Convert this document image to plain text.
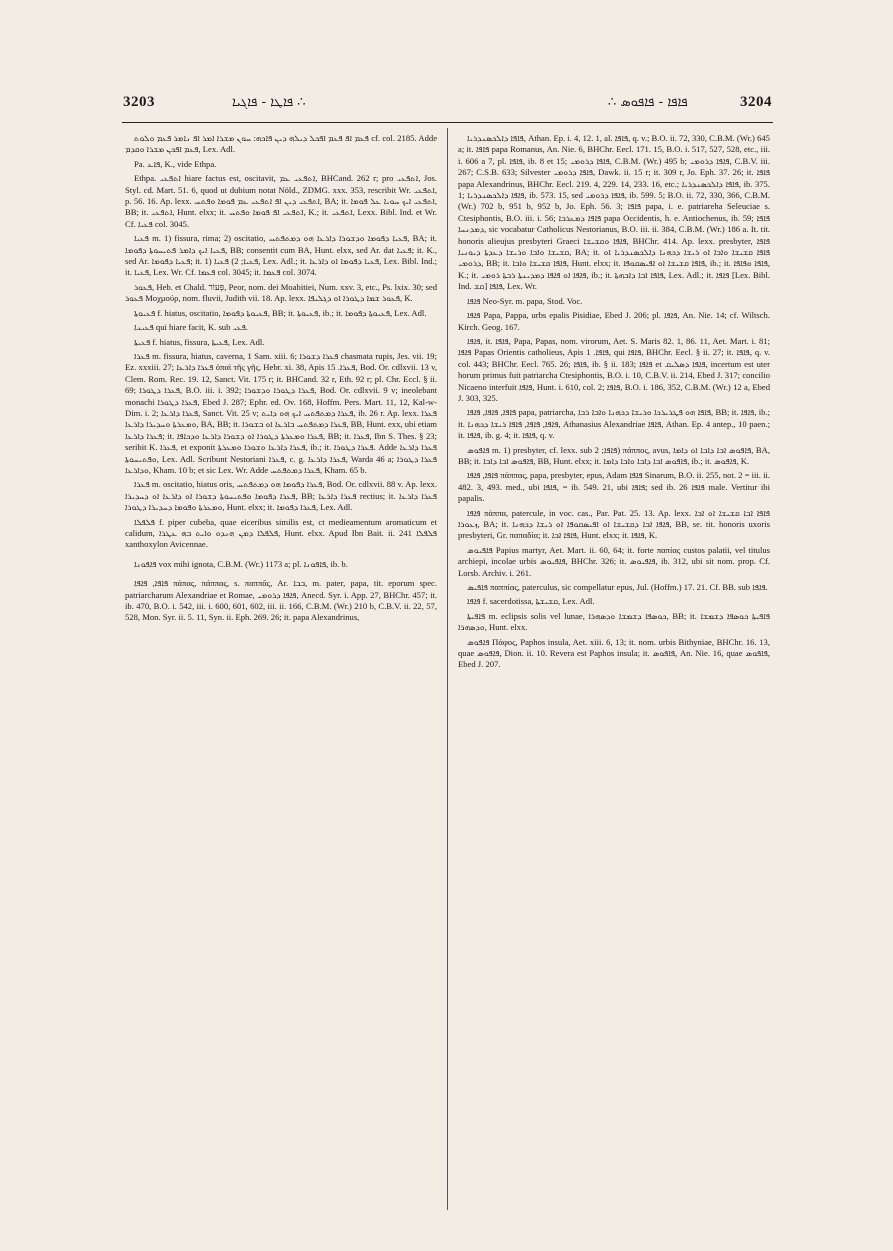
3203	ܦܐܛܐ - ܦܐܓܝܐ ∴	∴ ܦܐܦܐ - ܦܐܦܘܣ	3204

ܦܥܡ ܐܦ ܦܥܡ ܐܦܟܠ ܕܝܠܗ ܕܝܢ ܦܐܟܗ: ܚܘܢ ܡܫܪܐ ܐܡܪ ܐܦ ܢܐܡܪ ܦܥܡ ܘܠܘܬ cf. col. 2185. Adde ܦܥܡ ܐܦܟܢ ܡܫܪܐ ܘܩܕܡ, Lex. Adl.

Pa. ܦܐܥ, K., vide Ethpa.

Ethpa. ܐܬܦܥܝ hiare factus est, oscitavit, ܐܬܦܥܝ ܥܡ, BHCand. 262 r; pro ܐܬܦܥܝ, Jos. Styl. cd. Mart. 51. 6, quod ut dubium notat Nöld., ZDMG. xxx. 353, rescribit Wr. ܐܬܦܥܝ, p. 56. 16. Ap. lexx. ܐܬܦܥܝ ܕܝܢ ܐܦ ܐܬܦܥܝ ܥܡ ܦܘܡܐ ܘܦܬܚ, BA; it. ܐܬܦܥܝ ܐܝܟ ܚܘܝܐ ܥܠ ܦܘܡܐ, BB; it. ܐܬܦܥܝ, Hunt. elxx; it. ܐܬܦܥܝ ܐܦ ܦܘܡܐ ܘܦܬܚ, K.; it. ܐܬܦܥܝ, Lexx. Bibl. Ind. et Wr. Cf. ܦܥܝܐ col. 3045.

ܦܥܝܐ m. 1) fissura, rima; 2) oscitatio, ܦܥܝܐ ܕܦܘܡܐ ܘܕܫܘܪܐ ܕܐܪܥܐ ܗܘ ܕܡܬܦܬܚ, BA; it. ܦܥܝܐ ܐܝܟ ܕܐܡܪ ܦܬܝܚܘܬܐ ܕܦܘܡܐ, BB; consentit cum BA, Hunt. elxx, sed Ar. dat ܦܥܝܐ; it. K., sed Ar. ܦܥܝܐ ܕܦܘܡܐ; it. 1) ܦܥܝܐ; 2) ܦܥܝܐ, Lex. Adl.; it. ܦܥܝܐ ܕܦܘܡܐ ܐܘ ܕܐܪܥܐ, Lex. Bibl. Ind.; it. ܦܥܝܐ, Lex. Wr. Cf. ܦܥܡܐ col. 3045; it. ܦܥܡܐ col. 3074.

ܦܥܘܪ, Heb. et Chald. פְּעוֹר, Peor, nom. dei Moabitiei, Num. xxv. 3, etc., Ps. lxix. 30; sed ܦܥܘܪ Μοχμούρ, nom. fluvii, Judith vii. 18. Ap. lexx. ܦܥܘܪ ܫܡܐ ܕܛܘܪܐ ܐܘ ܕܓܠܝܦܐ, K.

ܦܥܝܘܬܐ f. hiatus, oscitatio, ܦܥܝܘܬܐ ܕܦܘܡܐ, BB; it. ܦܥܝܘܬܐ, ib.; it. ܦܥܝܘܬܐ ܕܦܘܡܐ, Lex. Adl.

ܦܥܝܢܐ qui hiare facit, K. sub ܦܥܝ.

ܦܥܝܬܐ f. hiatus, fissura, ܦܥܝܬܐ, Lex. Adl.

ܦܥܪܐ m. fissura, hiatus, caverna, 1 Sam. xiii. 6; ܦܥܪܐ ܕܫܘܪܐ chasmata rupis, Jes. vii. 19; Ez. xxxiii. 27; ܦܥܪܐ ܕܐܪܥܐ ὀπαὶ τῆς γῆς, Hebr. xi. 38, Apis ܦܥܪܐ. 15, Bod. Or. cdlxvii. 13 v, Clem. Rom. Rec. 19. 12, Sanct. Vit. 175 r; it. BHCand. 32 r, Eth. 92 r; pl. Chr. Eccl. § ii. 69; ܦܥܪܐ ܕܛܘܪܐ, B.O. iii. i. 392; ܦܥܪܐ ܕܛܘܪܐ ܘܕܫܘܪܐ, Bod. Or. cdlxvii. 9 v; ineolebant monachi ܦܥܪܐ ܕܛܘܪܐ, Ebed J. 287; Ephr. ed. Ov. 168, Hoffm. Pers. Mart. 11, 12, Kal-w-Dim. i. 2; ܦܥܪܐ ܕܐܪܥܐ, Sanct. Vit. 25 v; ܦܥܪܐ ܕܡܬܦܬܚ ܐܝܟ ܗܘ ܕܐܝܬ, ib. 26 r. Ap. lexx. ܦܥܪܐ ܘܡܥܪܬܐ ܘܚܕܝܪܐ ܕܐܪܥܐ, BA, BB; it. ܦܥܪܐ ܕܡܬܦܬܚ ܒܐܪܥܐ ܐܘ ܒܫܘܪܐ, BB, Hunt. exx, ubi etiam ܦܥܪܐ ܕܐܪܥܐ; it. ܦܥܪܐ ܘܡܥܪܬܐ ܕܛܘܪܐ ܐܘ ܕܫܘܪܐ ܕܐܪܥܐ ܘܕܟܐܦܐ, BB; it. ܦܥܪܐ, Ibn S. Thes. § 23; seribit K. ܦܥܪܐ, et exponit ܦܥܪܐ ܕܐܪܥܐ ܘܫܘܪܐ ܘܡܥܪܬܐ, ib.; it. ܦܥܪܐ ܕܛܘܪܐ. Adde ܦܥܪܐ ܕܐܪܥܐ ܘܦܬܝܚܘܬܐ, Lex. Adl. Scribunt Nestoriani ܦܥܪܐ, c. g. ܦܥܪܐ ܕܐܪܥܐ, Warda 46 a; ܦܥܪܐ ܕܛܘܪܐ ܘܕܐܪܥܐ, Kham. 10 b; et sic Lex. Wr. Adde ܦܥܪܐ ܕܡܬܦܬܚ, Kham. 65 b.

ܦܥܪܐ m. oscitatio, hiatus oris, ܦܥܪܐ ܕܦܘܡܐ ܗܘ ܕܡܬܦܬܚ, Bod. Or. cdlxvii. 88 v. Ap. lexx. ܦܥܪܐ ܕܦܘܡܐ ܘܦܬܝܚܘܬܐ ܕܫܘܪܐ ܐܘ ܕܐܪܥܐ ܐܘ ܕܚܕܝܪܐ, BB; ܦܥܪܐ ܕܐܪܥܐ rectius; it. ܦܥܪܐ ܕܐܪܥܐ ܘܡܥܪܬܐ ܘܦܘܡܐ ܕܚܕܝܪܐ ܕܛܘܪܐ, Hunt. elxx; it. ܦܥܪܐ ܕܦܘܡܐ, Lex. Adl.

ܦܠܦܠܐ f. piper cubeba, quae eiceribus similis est, ct medieamentum aromaticum et calidum, ܦܠܦܠܐ ܕܡܢ ܗܢܕܘ ܘܐܝܬ ܒܗ ܥܛܪܐ, Hunt. elxx. Apud Ibn Bait. ii. 241 ܦܠܦܠܐ xanthoxylon Avicennae.

ܦܐܦܘܢܐ vox mihi ignota, C.B.M. (Wr.) 1173 a; pl. ܦܐܦܘܢܐ, ib. b.

ܦܐܦܐ, ܦܐܦܐ πάπας, πάππας, s. παππᾶς, Ar. ܒܒܐ, m. pater, papa, tit. eporum spec. patriarcharum Alexandriae et Romae, ܦܐܦܐ ܕܪܘܡܝ, Anecd. Syr. i. App. 27, BHChr. 457; it. ib. 470, B.O. i. 542, iii. i. 600, 601, 602, iii. ii. 166, C.B.M. (Wr.) 210 b, C.B.V. ii. 22, 57, 528, Mon. Syr. ii. 5. 11, Syn. ii. Eph. 269. 26; it. papa Alexandrinus,

ܦܐܦܐ ܕܐܠܟܣܢܕܪܝܐ, Athan. Ep. i. 4, 12. 1, al. ܦܐܦܐ, q. v.; B.O. ii. 72, 330, C.B.M. (Wr.) 645 a; it. ܦܐܦܐ papa Romanus, An. Nie. 6, BHChr. Eecl. 171. 15, B.O. i. 517, 527, 528, etc., iii. i. 606 a 7, pl. ܦܐܦܐ, ib. 8 et 15; ܦܐܦܐ ܕܪܘܡܝ, C.B.M. (Wr.) 495 b; ܦܐܦܐ ܕܪܘܡܝ, C.B.V. iii. 267; C.S.B. 633; Silvester ܦܐܦܐ ܕܪܘܡܝ, Dawk. ii. 15 r; it. 309 r, Jo. Eph. 37. 26; it. ܦܐܦܐ papa Alexandrinus, BHChr. Eecl. 219. 4, 229. 14, 233. 16, etc.; ܦܐܦܐ ܕܐܠܟܣܢܕܪܝܐ, ib. 375. 1; ܦܐܦܐ ܕܐܠܟܣܢܕܪܝܐ, ib. 573. 15, sed ܦܐܦܐ ܕܪܘܡܝ, ib. 599. 5; B.O. ii. 72, 330, 366, C.B.M. (Wr.) 702 b, 951 b, 952 b, Jo. Eph. 56. 3; ܦܐܦܐ papa, i. e. patriareha Seleuciae s. Ctesiphontis, B.O. iii. i. 56; ܦܐܦܐ ܕܡܥܪܒܐ papa Occidentis, h. e. Antiochenus, ib. 59; ܦܐܦܐ ܕܡܕܢܚܐ, sic vocabatur Catholicus Nestorianus, B.O. iii. ii. 384, C.B.M. (Wr.) 186 a. It. tit. honoris alieujus presbyteri Graeci ܦܐܦܐ ܘܩܫܝܫܐ, BHChr. 414. Ap. lexx. presbyter, ܦܐܦܐ ܩܫܝܫܐ ܘܐܒܐ ܘܪܝܫܐ ܕܥܕܬܐ ܕܝܘܢܝܐ, BA; it. ܦܐܦܐ ܩܫܝܫܐ ܘܐܒܐ ܐܘ ܪܝܫܐ ܕܟܗܢܐ ܕܐܠܟܣܢܕܪܝܐ ܐܘ ܕܪܘܡܝ, BB; it. ܦܐܦܐ ܩܫܝܫܐ ܘܐܒܐ, Hunt. elxx; it. ܦܐܦܐ ܩܫܝܫܐ ܐܘ ܐܦܝܣܩܘܦܐ, ib.; it. ܦܐܦܐ ܘܦܐܦܐ, K.; it. ܦܐܦܐ ܐܘ ܦܐܦܐ ܕܡܕܝܢܬܐ ܪܒܬܐ ܪܘܡܝ, ib.; it. ܦܐܦܐ ܐܒܐ ܕܐܒܗܬܐ, Lex. Adl.; it. ܦܐܦܐ [Lex. Bibl. Ind. ܩܫ] ܦܐܦܐ, Lex. Wr.

ܦܐܦܐ Neo-Syr. m. papa, Stod. Voc.

ܦܐܦܐ Papa, Pappa, urbs epalis Pisidiae, Ebed J. 206; pl. ܦܐܦܐ, An. Nie. 14; cf. Wiltsch. Kirch. Geog. 167.

ܦܐܦܐ, it. ܦܐܦܐ, Papa, Papas, nom. virorum, Aet. S. Maris 82. 1, 86. 11, Aet. Mart. i. 81; ܦܐܦܐ Papas Orientis catholieus, Apis ܦܐܦܐ. 1, qui ܦܐܦܐ, BHChr. Eecl. § ii. 27; it. ܦܐܦܐ, q. v. col. 443; BHChr. Eecl. 765. 26; ܦܐܦܐ, ib. § ii. 183; ܦܐܦܐ et ܦܐܦܐ ܕܣܠܝܩ, incertum est uter horum primus fuit patriarcha Ctesiphontis, B.O. i. 10, C.B.V. ii. 214, Ebed J. 317; concilio Nicaeno interfuit ܦܐܦܐ, Hunt. i. 610, col. 2; ܦܐܦܐ, B.O. i. 186, 352, C.B.M. (Wr.) 12 a, Ebed J. 303, 325.

ܦܐܦܐ, ܦܐܦܐ, ܦܐܦܐ papa, patriarcha, ܦܐܦܐ ܗܘ ܦܛܪܝܪܟܐ ܘܪܝܫܐ ܕܟܗܢܐ ܘܐܒܐ ܪܒܐ, BB; it. ܦܐܦܐ, ib.; it. ܦܐܦܐ, ܦܐܦܐ, ܦܐܦܐ ܪܝܫܐ ܕܟܗܢܐ, Athanasius Alexandriae ܦܐܦܐ, Athan. Ep. 4 antep., 10 paen.; it. ܦܐܦܐ, ib. g. 4; it. ܦܐܦܐ, q. v.

ܦܐܦܘܣ m. 1) presbyter, cf. lexx. sub ܦܐܦܐ; 2) πάππος, avus, ܦܐܦܘܣ ܐܒܐ ܕܐܒܐ ܐܘ ܕܐܡܐ, BA, BB; it. ܦܐܦܘܣ ܐܒܐ ܕܐܒܐ, BB, Hunt. elxx; it. ܦܐܦܘܣ ܐܒܐ ܕܐܒܐ ܘܐܒܐ ܕܐܡܐ, ib.; it. ܦܐܦܘܣ, K.

ܦܐܦܐ, ܦܐܦܐ πάππας, papa, presbyter, epus, Adam ܦܐܦܐ Sinarum, B.O. ii. 255, not. 2 = iii. ii. 482. 3, 493. med., ubi ܦܐܦܐ, = ib. 549. 21, ubi ܦܐܦܐ; sed ib. 26 ܦܐܦܐ male. Vertitur ibi papalis.

ܦܐܦܐ πάππα, patercule, in voc. cas., Par. Pat. 25. 13. Ap. lexx. ܦܐܦܐ ܐܒܐ ܩܫܝܫܐ ܐܘ ܐܒܐ ܙܥܘܪܐ, BA; it. ܦܐܦܐ ܐܒܐ ܕܩܫܝܫܐ ܐܘ ܐܦܝܣܩܘܦܐ ܐܘ ܪܝܫܐ ܕܟܗܢܐ, BB, se. tit. honoris uxoris presbyteri, Gr. παπαδία; it. ܦܐܦܐ ܐܒܐ, Hunt. elxx; it. ܦܐܦܐ, K.

ܦܐܦܝܘܣ Papius martyr, Aet. Mart. ii. 60, 64; it. forte παπίας custos palatii, vel titulus archiepi, incolae urbis ܦܐܦܝܘܣ, BHChr. 326; it. ܦܐܦܝܘܣ, ib. 312, ubi sit nom. prop. Cf. Lorsb. Archiv. i. 261.

ܦܐܦܝܣ παππίας, paterculus, sic compellatur epus, Jul. (Hoffm.) 17. 21. Cf. BB. sub ܦܐܦܐ.

ܦܐܦܐ f. sacerdotissa, ܩܫܝܫܬܐ, Lex. Adl.

ܦܐܦܝܬܐ m. eclipsis solis vel lunae, ܟܘܣܦܐ ܕܫܡܫܐ ܘܕܣܗܪܐ, BB; it. ܦܐܦܝܬܐ ܟܘܣܦܐ ܕܫܡܫܐ ܘܕܣܗܪܐ, Hunt. elxx.

ܦܐܦܘܣ Πάφος, Paphos insula, Aet. xiii. 6, 13; it. nom. urbis Bithyniae, BHChr. 16. 13, quae ܦܐܦܘܣ, Dion. ii. 10. Revera est Paphos insula; it. ܦܐܦܘܣ, An. Nie. 16, quae ܦܐܦܘܣ, Ebed J. 207.
